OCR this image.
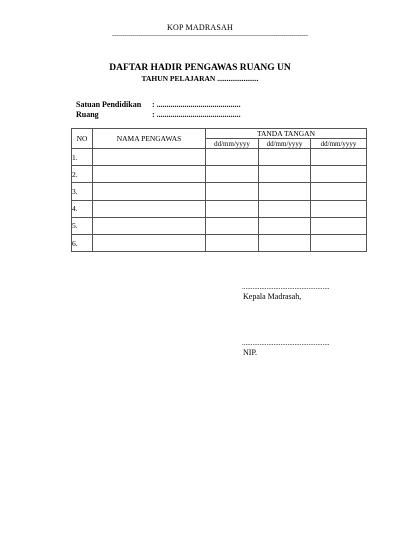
KOP MADRASAH
--------------------------------------------------------------------------------------------------
DAFTAR HADIR PENGAWAS RUANG UN
TAHUN PELAJARAN ......................
Satuan Pendidikan : ..........................................
Ruang	: ..........................................
NO	NAMA PENGAWAS	TANDA TANGAN		
		dd/mm/yyyy	dd/mm/yyyy	dd/mm/yyyy
1.				
2.				
3.				
4.				
5.				
6.				
..................................................
Kepala Madrasah,
..................................................
NIP.
